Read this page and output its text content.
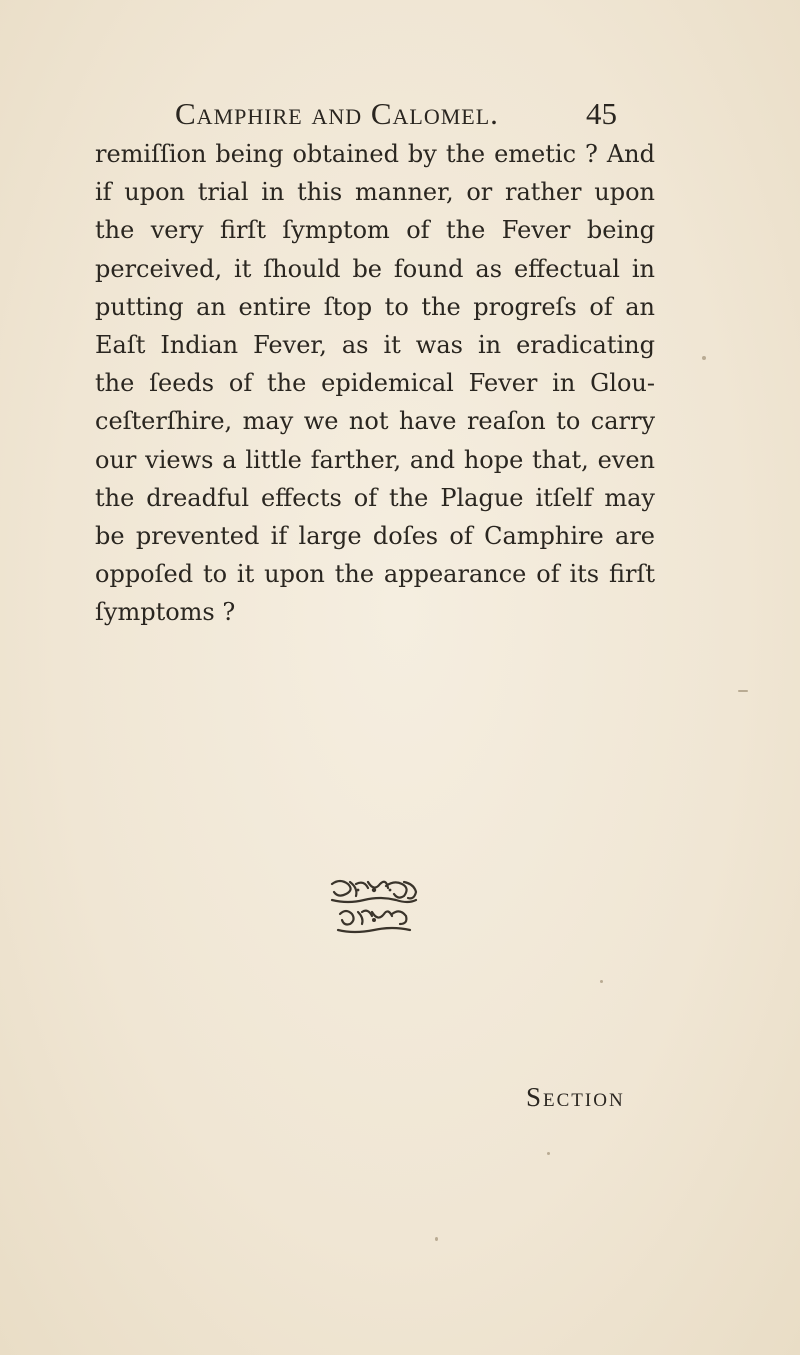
Camphire and Calomel.	45
remiſſion being obtained by the emetic ? And
if upon trial in this manner, or rather upon
the very firſt ſymptom of the Fever being
perceived, it ſhould be found as effectual in
putting an entire ſtop to the progreſs of an
Eaſt Indian Fever, as it was in eradicating
the ſeeds of the epidemical Fever in Glou-
ceſterſhire, may we not have reaſon to carry
our views a little farther, and hope that, even
the dreadful effects of the Plague itſelf may
be prevented if large doſes of Camphire are
oppoſed to it upon the appearance of its firſt
ſymptoms ?
Section
